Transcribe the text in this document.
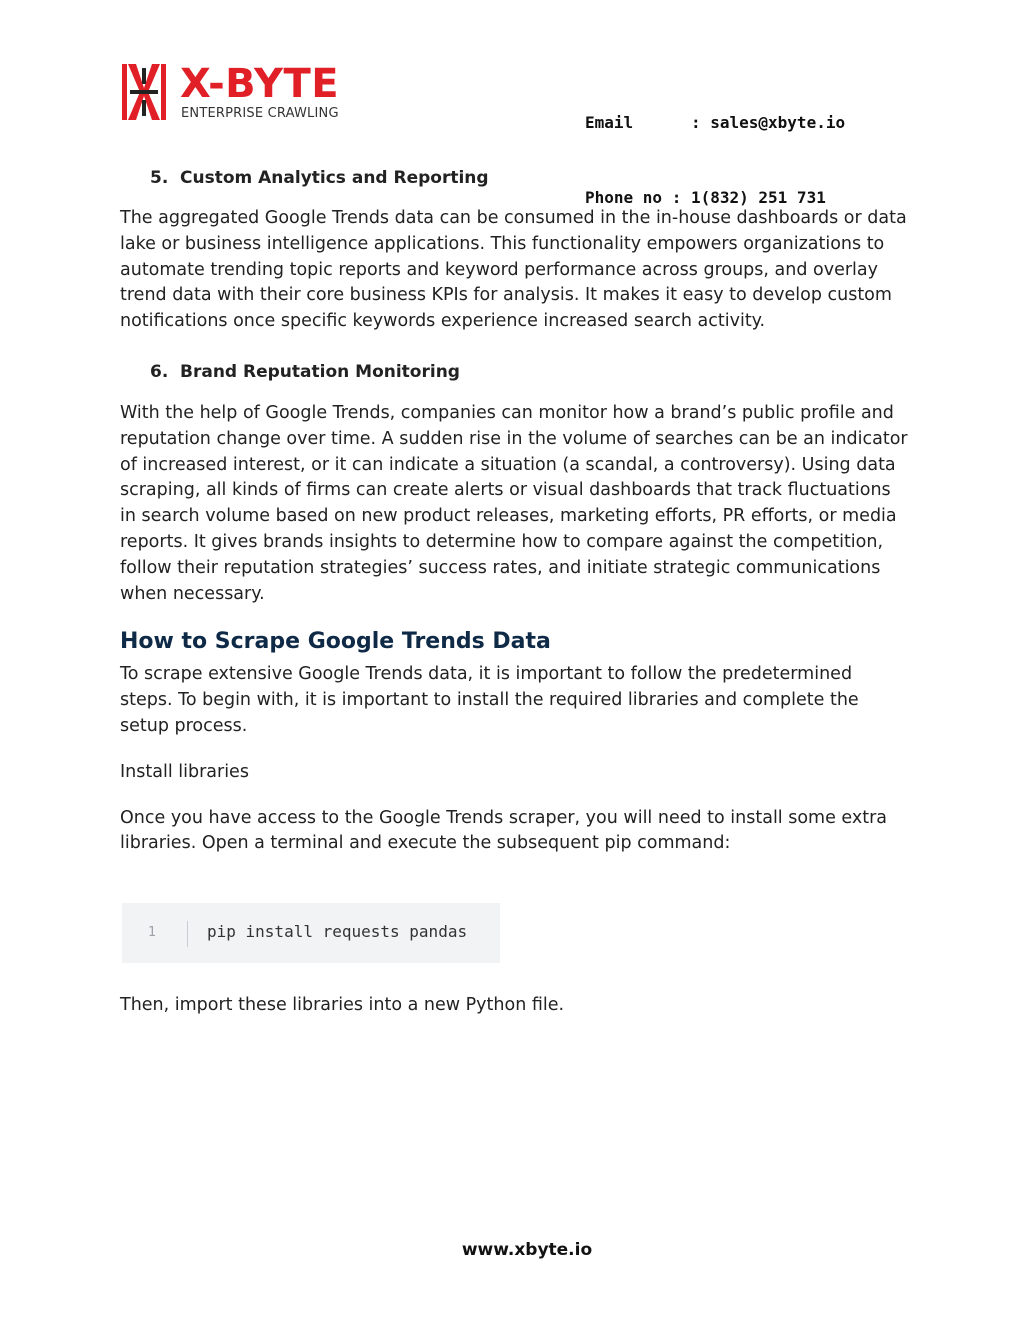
X-BYTE
ENTERPRISE CRAWLING

	Email      : sales@xbyte.io

Phone no : 1(832) 251 731

5. Custom Analytics and Reporting

The aggregated Google Trends data can be consumed in the in-house dashboards or data lake or business intelligence applications. This functionality empowers organizations to automate trending topic reports and keyword performance across groups, and overlay trend data with their core business KPIs for analysis. It makes it easy to develop custom notifications once specific keywords experience increased search activity.

6. Brand Reputation Monitoring

With the help of Google Trends, companies can monitor how a brand’s public profile and reputation change over time. A sudden rise in the volume of searches can be an indicator of increased interest, or it can indicate a situation (a scandal, a controversy). Using data scraping, all kinds of firms can create alerts or visual dashboards that track fluctuations in search volume based on new product releases, marketing efforts, PR efforts, or media reports. It gives brands insights to determine how to compare against the competition, follow their reputation strategies’ success rates, and initiate strategic communications when necessary.

How to Scrape Google Trends Data

To scrape extensive Google Trends data, it is important to follow the predetermined steps. To begin with, it is important to install the required libraries and complete the setup process.

Install libraries

Once you have access to the Google Trends scraper, you will need to install some extra libraries. Open a terminal and execute the subsequent pip command:

1	pip install requests pandas

Then, import these libraries into a new Python file.

www.xbyte.io
